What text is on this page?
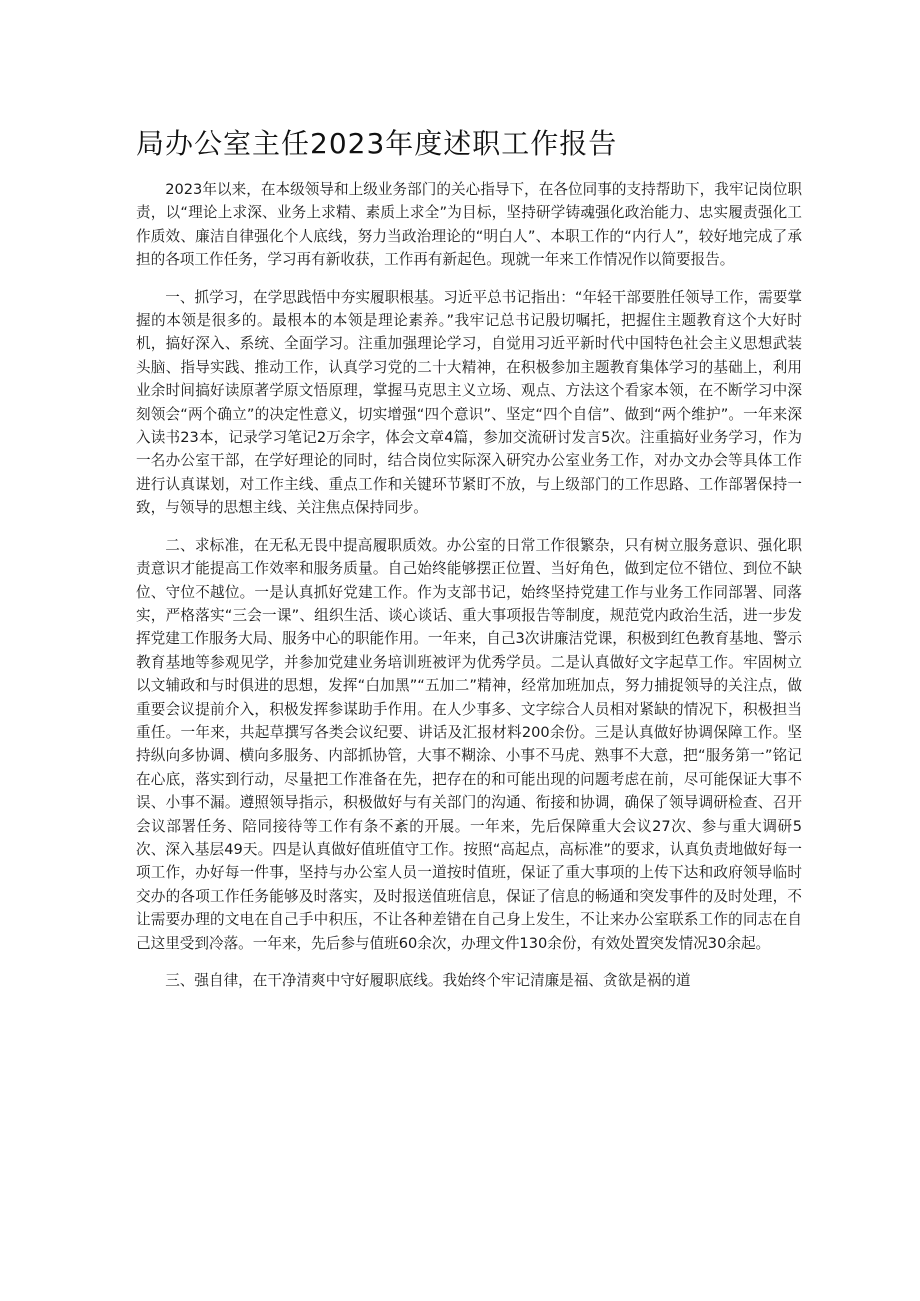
局办公室主任2023年度述职工作报告

2023年以来，在本级领导和上级业务部门的关心指导下，在各位同事的支持帮助下，我牢记岗位职责，以“理论上求深、业务上求精、素质上求全”为目标，坚持研学铸魂强化政治能力、忠实履责强化工作质效、廉洁自律强化个人底线，努力当政治理论的“明白人”、本职工作的“内行人”，较好地完成了承担的各项工作任务，学习再有新收获，工作再有新起色。现就一年来工作情况作以简要报告。

一、抓学习，在学思践悟中夯实履职根基。习近平总书记指出：“年轻干部要胜任领导工作，需要掌握的本领是很多的。最根本的本领是理论素养。”我牢记总书记殷切嘱托，把握住主题教育这个大好时机，搞好深入、系统、全面学习。注重加强理论学习，自觉用习近平新时代中国特色社会主义思想武装头脑、指导实践、推动工作，认真学习党的二十大精神，在积极参加主题教育集体学习的基础上，利用业余时间搞好读原著学原文悟原理，掌握马克思主义立场、观点、方法这个看家本领，在不断学习中深刻领会“两个确立”的决定性意义，切实增强“四个意识”、坚定“四个自信”、做到“两个维护”。一年来深入读书23本，记录学习笔记2万余字，体会文章4篇，参加交流研讨发言5次。注重搞好业务学习，作为一名办公室干部，在学好理论的同时，结合岗位实际深入研究办公室业务工作，对办文办会等具体工作进行认真谋划，对工作主线、重点工作和关键环节紧盯不放，与上级部门的工作思路、工作部署保持一致，与领导的思想主线、关注焦点保持同步。

二、求标准，在无私无畏中提高履职质效。办公室的日常工作很繁杂，只有树立服务意识、强化职责意识才能提高工作效率和服务质量。自己始终能够摆正位置、当好角色，做到定位不错位、到位不缺位、守位不越位。一是认真抓好党建工作。作为支部书记，始终坚持党建工作与业务工作同部署、同落实，严格落实“三会一课”、组织生活、谈心谈话、重大事项报告等制度，规范党内政治生活，进一步发挥党建工作服务大局、服务中心的职能作用。一年来，自己3次讲廉洁党课，积极到红色教育基地、警示教育基地等参观见学，并参加党建业务培训班被评为优秀学员。二是认真做好文字起草工作。牢固树立以文辅政和与时俱进的思想，发挥“白加黑”“五加二”精神，经常加班加点，努力捕捉领导的关注点，做重要会议提前介入，积极发挥参谋助手作用。在人少事多、文字综合人员相对紧缺的情况下，积极担当重任。一年来，共起草撰写各类会议纪要、讲话及汇报材料200余份。三是认真做好协调保障工作。坚持纵向多协调、横向多服务、内部抓协管，大事不糊涂、小事不马虎、熟事不大意，把“服务第一”铭记在心底，落实到行动，尽量把工作准备在先，把存在的和可能出现的问题考虑在前，尽可能保证大事不误、小事不漏。遵照领导指示，积极做好与有关部门的沟通、衔接和协调，确保了领导调研检查、召开会议部署任务、陪同接待等工作有条不紊的开展。一年来，先后保障重大会议27次、参与重大调研5次、深入基层49天。四是认真做好值班值守工作。按照“高起点，高标准”的要求，认真负责地做好每一项工作，办好每一件事，坚持与办公室人员一道按时值班，保证了重大事项的上传下达和政府领导临时交办的各项工作任务能够及时落实，及时报送值班信息，保证了信息的畅通和突发事件的及时处理，不让需要办理的文电在自己手中积压，不让各种差错在自己身上发生，不让来办公室联系工作的同志在自己这里受到冷落。一年来，先后参与值班60余次，办理文件130余份，有效处置突发情况30余起。

三、强自律，在干净清爽中守好履职底线。我始终个牢记清廉是福、贪欲是祸的道
